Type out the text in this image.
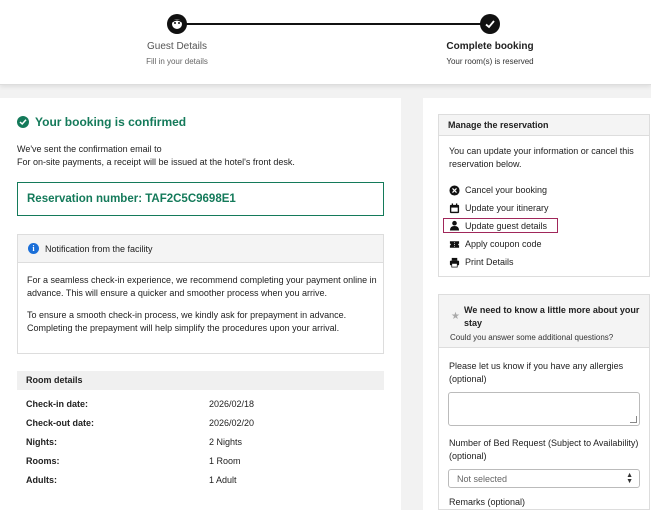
Guest Details
Fill in your details
Complete booking
Your room(s) is reserved
Your booking is confirmed
We've sent the confirmation email to
For on-site payments, a receipt will be issued at the hotel's front desk.
Reservation number: TAF2C5C9698E1
i	Notification from the facility
For a seamless check-in experience, we recommend completing your payment online in advance. This will ensure a quicker and smoother process when you arrive.
To ensure a smooth check-in process, we kindly ask for prepayment in advance. Completing the prepayment will help simplify the procedures upon your arrival.
Room details
Check-in date:	2026/02/18
Check-out date:	2026/02/20
Nights:	2 Nights
Rooms:	1 Room
Adults:	1 Adult
Manage the reservation
You can update your information or cancel this reservation below.
Cancel your booking
Update your itinerary
Update guest details
Apply coupon code
Print Details
★
We need to know a little more about your stay
Could you answer some additional questions?
Please let us know if you have any allergies (optional)
Number of Bed Request (Subject to Availability) (optional)
Not selected	▲
▼
Remarks (optional)
